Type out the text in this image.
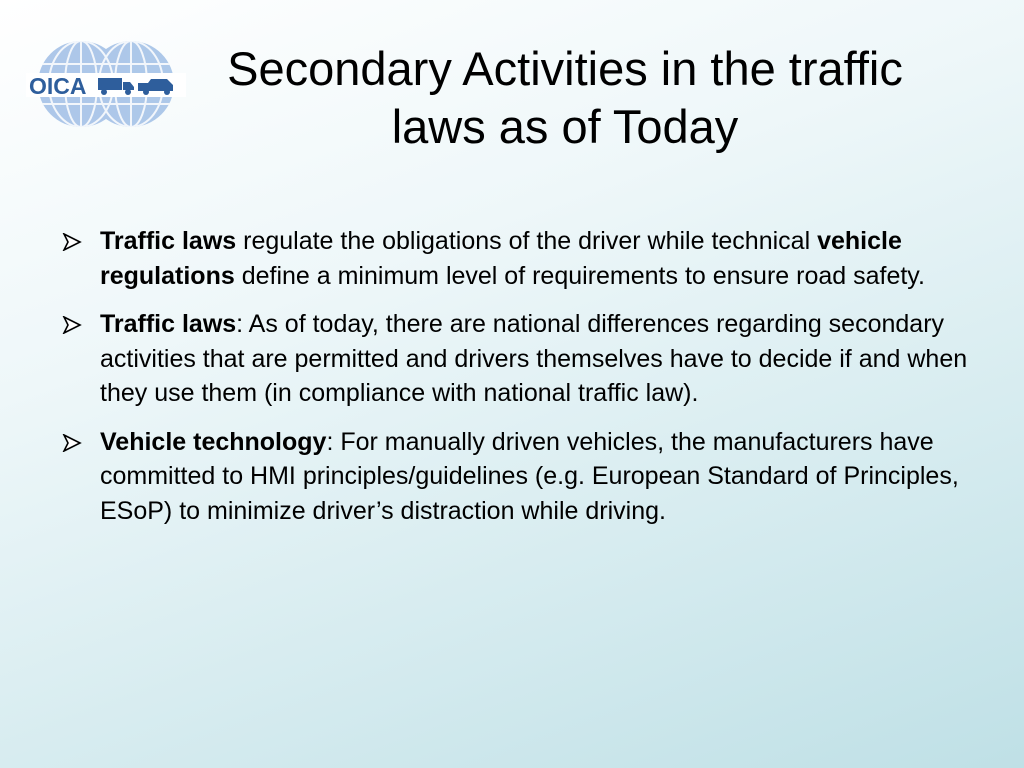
OICA	Secondary Activities in the traffic
laws as of Today
Traffic laws regulate the obligations of the driver while technical vehicle regulations define a minimum level of requirements to ensure road safety.
Traffic laws: As of today, there are national differences regarding secondary activities that are permitted and drivers themselves have to decide if and when they use them (in compliance with national traffic law).
Vehicle technology: For manually driven vehicles, the manufacturers have committed to HMI principles/guidelines (e.g. European Standard of Principles, ESoP) to minimize driver’s distraction while driving.
